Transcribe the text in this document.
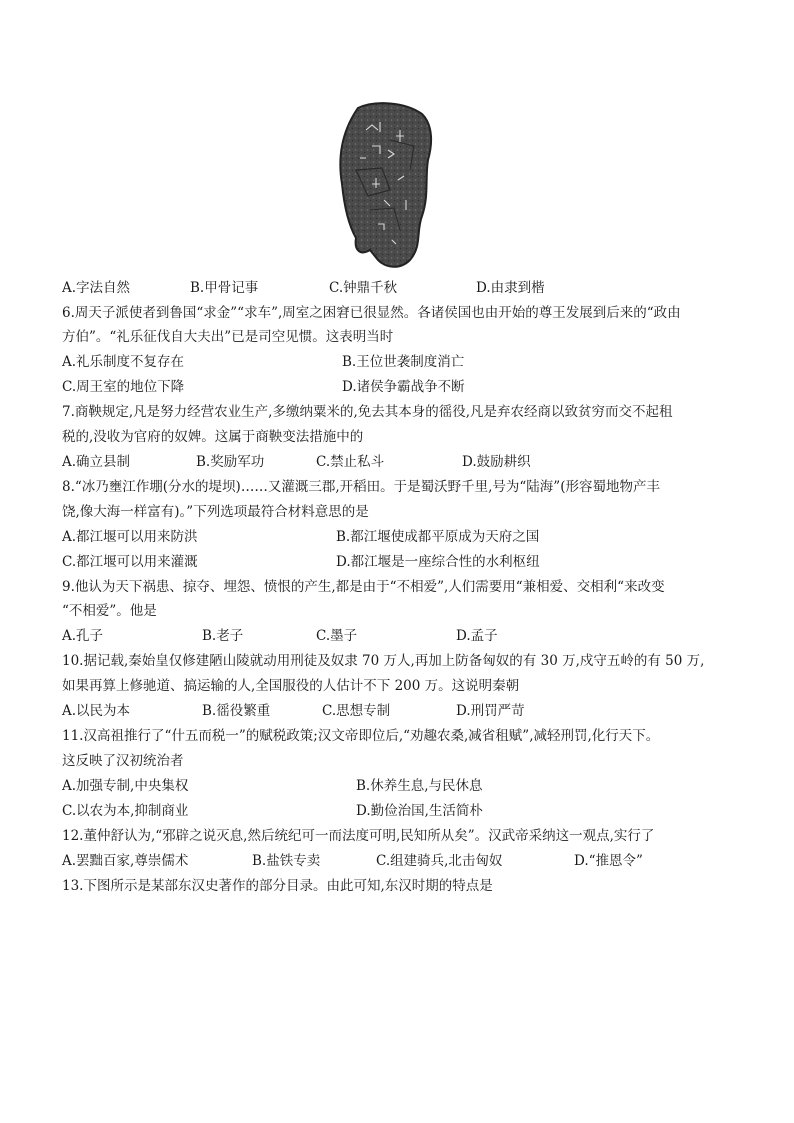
A.字法自然	B.甲骨记事	C.钟鼎千秋	D.由隶到楷
6.周天子派使者到鲁国“求金”“求车”,周室之困窘已很显然。各诸侯国也由开始的尊王发展到后来的“政由
方伯”。“礼乐征伐自大夫出”已是司空见惯。这表明当时
A.礼乐制度不复存在	B.王位世袭制度消亡
C.周王室的地位下降	D.诸侯争霸战争不断
7.商鞅规定,凡是努力经营农业生产,多缴纳粟米的,免去其本身的徭役,凡是弃农经商以致贫穷而交不起租
税的,没收为官府的奴婢。这属于商鞅变法措施中的
A.确立县制	B.奖励军功	C.禁止私斗	D.鼓励耕织
8.“冰乃壅江作堋(分水的堤坝)……又灌溉三郡,开稻田。于是蜀沃野千里,号为“陆海”(形容蜀地物产丰
饶,像大海一样富有)。”下列选项最符合材料意思的是
A.都江堰可以用来防洪	B.都江堰使成都平原成为天府之国
C.都江堰可以用来灌溉	D.都江堰是一座综合性的水利枢纽
9.他认为天下祸患、掠夺、埋怨、愤恨的产生,都是由于“不相爱”,人们需要用“兼相爱、交相利“来改变
“不相爱”。他是
A.孔子	B.老子	C.墨子	D.孟子
10.据记载,秦始皇仅修建陋山陵就动用刑徒及奴隶 70 万人,再加上防备匈奴的有 30 万,戍守五岭的有 50 万,
如果再算上修驰道、搞运输的人,全国服役的人估计不下 200 万。这说明秦朝
A.以民为本	B.徭役繁重	C.思想专制	D.刑罚严苛
11.汉高祖推行了“什五而税一”的赋税政策;汉文帝即位后,“劝趣农桑,减省租赋”,减轻刑罚,化行天下。
这反映了汉初统治者
A.加强专制,中央集权	B.休养生息,与民休息
C.以农为本,抑制商业	D.勤俭治国,生活简朴
12.董仲舒认为,“邪辟之说灭息,然后统纪可一而法度可明,民知所从矣”。汉武帝采纳这一观点,实行了
A.罢黜百家,尊崇儒术	B.盐铁专卖	C.组建骑兵,北击匈奴	D.“推恩令”
13.下图所示是某部东汉史著作的部分目录。由此可知,东汉时期的特点是
